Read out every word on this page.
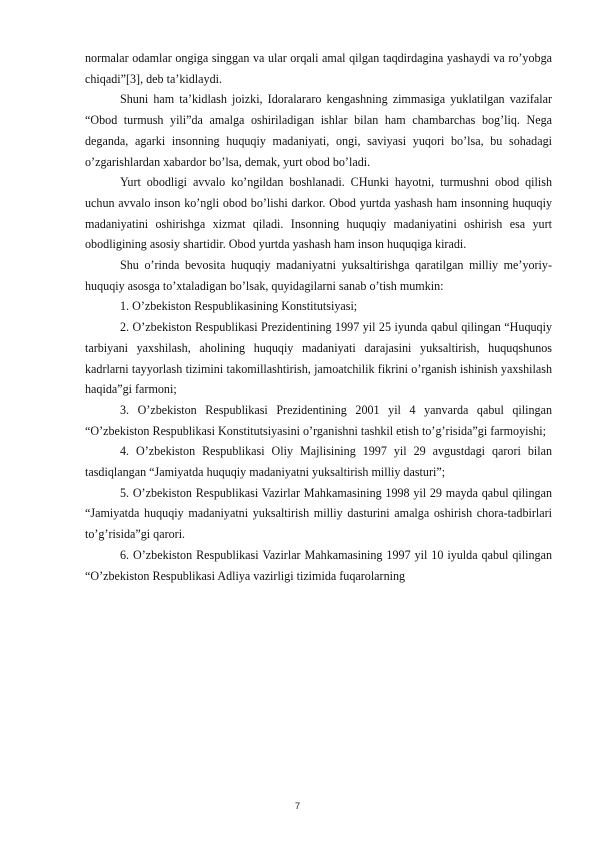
normalar odamlar ongiga singgan va ular orqali amal qilgan taqdirdagina yashaydi va ro’yobga chiqadi”[3], deb ta’kidlaydi.

Shuni ham ta’kidlash joizki, Idoralararo kengashning zimmasiga yuklatilgan vazifalar “Obod turmush yili”da amalga oshiriladigan ishlar bilan ham chambarchas bog’liq. Nega deganda, agarki insonning huquqiy madaniyati, ongi, saviyasi yuqori bo’lsa, bu sohadagi o’zgarishlardan xabardor bo’lsa, demak, yurt obod bo’ladi.

Yurt obodligi avvalo ko’ngildan boshlanadi. CHunki hayotni, turmushni obod qilish uchun avvalo inson ko’ngli obod bo’lishi darkor. Obod yurtda yashash ham insonning huquqiy madaniyatini oshirishga xizmat qiladi. Insonning huquqiy madaniyatini oshirish esa yurt obodligining asosiy shartidir. Obod yurtda yashash ham inson huquqiga kiradi.

Shu o’rinda bevosita huquqiy madaniyatni yuksaltirishga qaratilgan milliy me’yoriy-huquqiy asosga to’xtaladigan bo’lsak, quyidagilarni sanab o’tish mumkin:

1. O’zbekiston Respublikasining Konstitutsiyasi;

2. O’zbekiston Respublikasi Prezidentining 1997 yil 25 iyunda qabul qilingan “Huquqiy tarbiyani yaxshilash, aholining huquqiy madaniyati darajasini yuksaltirish, huquqshunos kadrlarni tayyorlash tizimini takomillashtirish, jamoatchilik fikrini o’rganish ishinish yaxshilash haqida”gi farmoni;

3. O’zbekiston Respublikasi Prezidentining 2001 yil 4 yanvarda qabul qilingan “O’zbekiston Respublikasi Konstitutsiyasini o’rganishni tashkil etish to’g’risida”gi farmoyishi;

4. O’zbekiston Respublikasi Oliy Majlisining 1997 yil 29 avgustdagi qarori bilan tasdiqlangan “Jamiyatda huquqiy madaniyatni yuksaltirish milliy dasturi”;

5. O’zbekiston Respublikasi Vazirlar Mahkamasining 1998 yil 29 mayda qabul qilingan “Jamiyatda huquqiy madaniyatni yuksaltirish milliy dasturini amalga oshirish chora-tadbirlari to’g’risida”gi qarori.

6. O’zbekiston Respublikasi Vazirlar Mahkamasining 1997 yil 10 iyulda qabul qilingan “O’zbekiston Respublikasi Adliya vazirligi tizimida fuqarolarning

7
